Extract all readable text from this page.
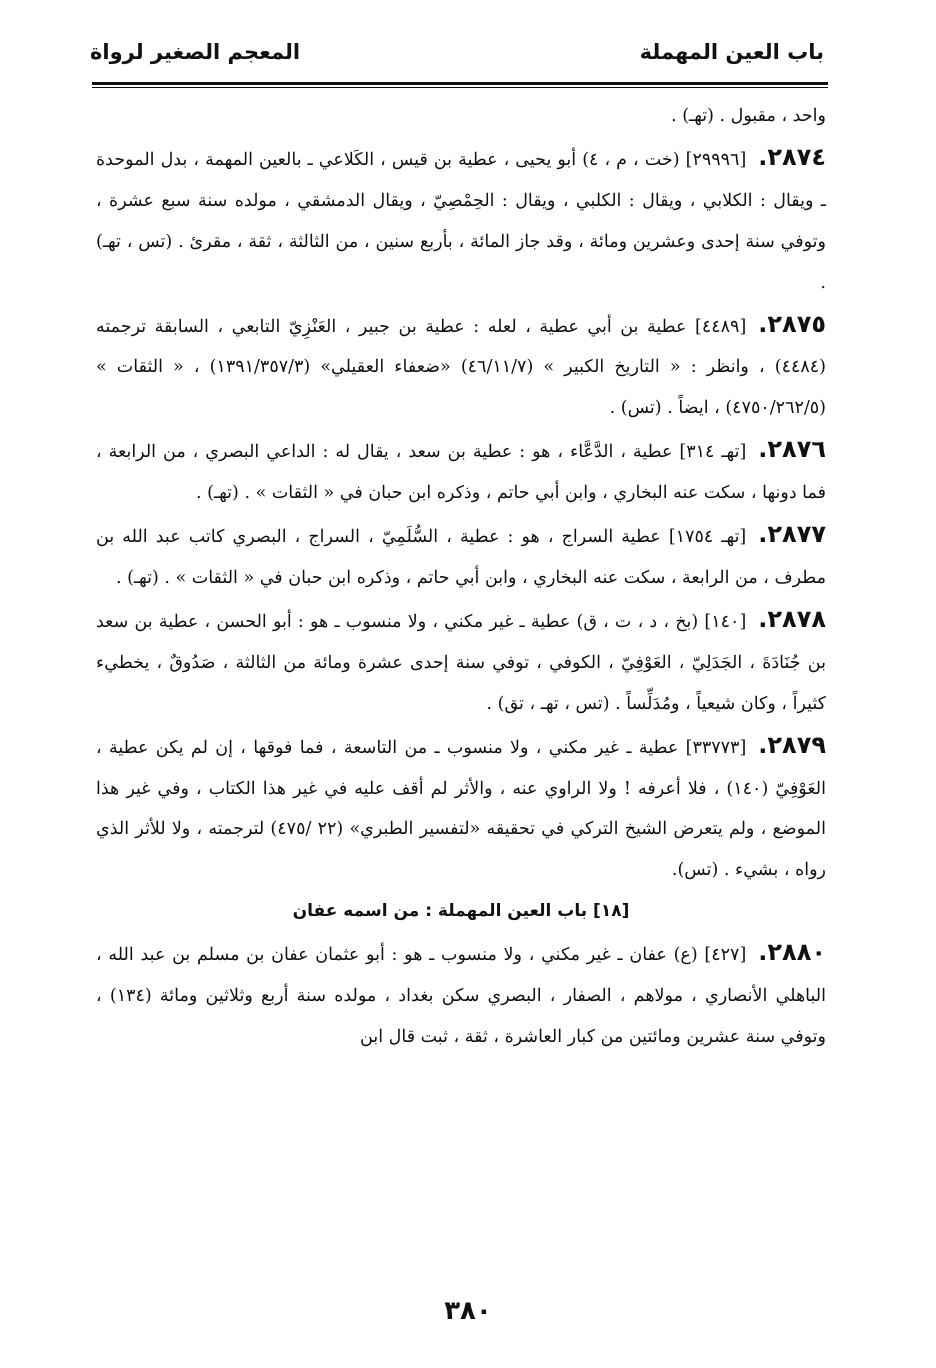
باب العين المهملة
المعجم الصغير لرواة

واحد ، مقبول . (تهـ) .

٢٨٧٤.[٢٩٩٩٦] (خت ، م ، ٤) أبو يحيى ، عطية بن قيس ، الكَلاعي ـ بالعين المهمة ، بدل الموحدة ـ ويقال : الكلابي ، ويقال : الكلبي ، ويقال : الحِمْصِيّ ، ويقال الدمشقي ، مولده سنة سبع عشرة ، وتوفي سنة إحدى وعشرين ومائة ، وقد جاز المائة ، بأربع سنين ، من الثالثة ، ثقة ، مقرئ . (تس ، تهـ) .

٢٨٧٥.[٤٤٨٩] عطية بن أبي عطية ، لعله : عطية بن جبير ، العَنْزِيّ التابعي ، السابقة ترجمته (٤٤٨٤) ، وانظر : « التاريخ الكبير » (٤٦/١١/٧) «ضعفاء العقيلي» (١٣٩١/٣٥٧/٣) ، « الثقات » (٤٧٥٠/٢٦٢/٥) ، ايضاً . (تس) .

٢٨٧٦.[تهـ ٣١٤] عطية ، الدَّعَّاء ، هو : عطية بن سعد ، يقال له : الداعي البصري ، من الرابعة ، فما دونها ، سكت عنه البخاري ، وابن أبي حاتم ، وذكره ابن حبان في « الثقات » . (تهـ) .

٢٨٧٧.[تهـ ١٧٥٤] عطية السراج ، هو : عطية ، السُّلَمِيّ ، السراج ، البصري كاتب عبد الله بن مطرف ، من الرابعة ، سكت عنه البخاري ، وابن أبي حاتم ، وذكره ابن حبان في « الثقات » . (تهـ) .

٢٨٧٨.[١٤٠] (بخ ، د ، ت ، ق) عطية ـ غير مكني ، ولا منسوب ـ هو : أبو الحسن ، عطية بن سعد بن جُنَادَةَ ، الجَدَلِيّ ، العَوْفِيّ ، الكوفي ، توفي سنة إحدى عشرة ومائة من الثالثة ، صَدُوقٌ ، يخطيء كثيراً ، وكان شيعياً ، ومُدَلِّساً . (تس ، تهـ ، تق) .

٢٨٧٩.[٣٣٧٧٣] عطية ـ غير مكني ، ولا منسوب ـ من التاسعة ، فما فوقها ، إن لم يكن عطية ، العَوْفِيّ (١٤٠) ، فلا أعرفه ! ولا الراوي عنه ، والأثر لم أقف عليه في غير هذا الكتاب ، وفي غير هذا الموضع ، ولم يتعرض الشيخ التركي في تحقيقه «لتفسير الطبري» (٢٢ /٤٧٥) لترجمته ، ولا للأثر الذي رواه ، بشيء . (تس).

[١٨] باب العين المهملة : من اسمه عفان

٢٨٨٠.[٤٢٧] (ع) عفان ـ غير مكني ، ولا منسوب ـ هو : أبو عثمان عفان بن مسلم بن عبد الله ، الباهلي الأنصاري ، مولاهم ، الصفار ، البصري سكن بغداد ، مولده سنة أربع وثلاثين ومائة (١٣٤) ، وتوفي سنة عشرين ومائتين من كبار العاشرة ، ثقة ، ثبت قال ابن

٣٨٠
